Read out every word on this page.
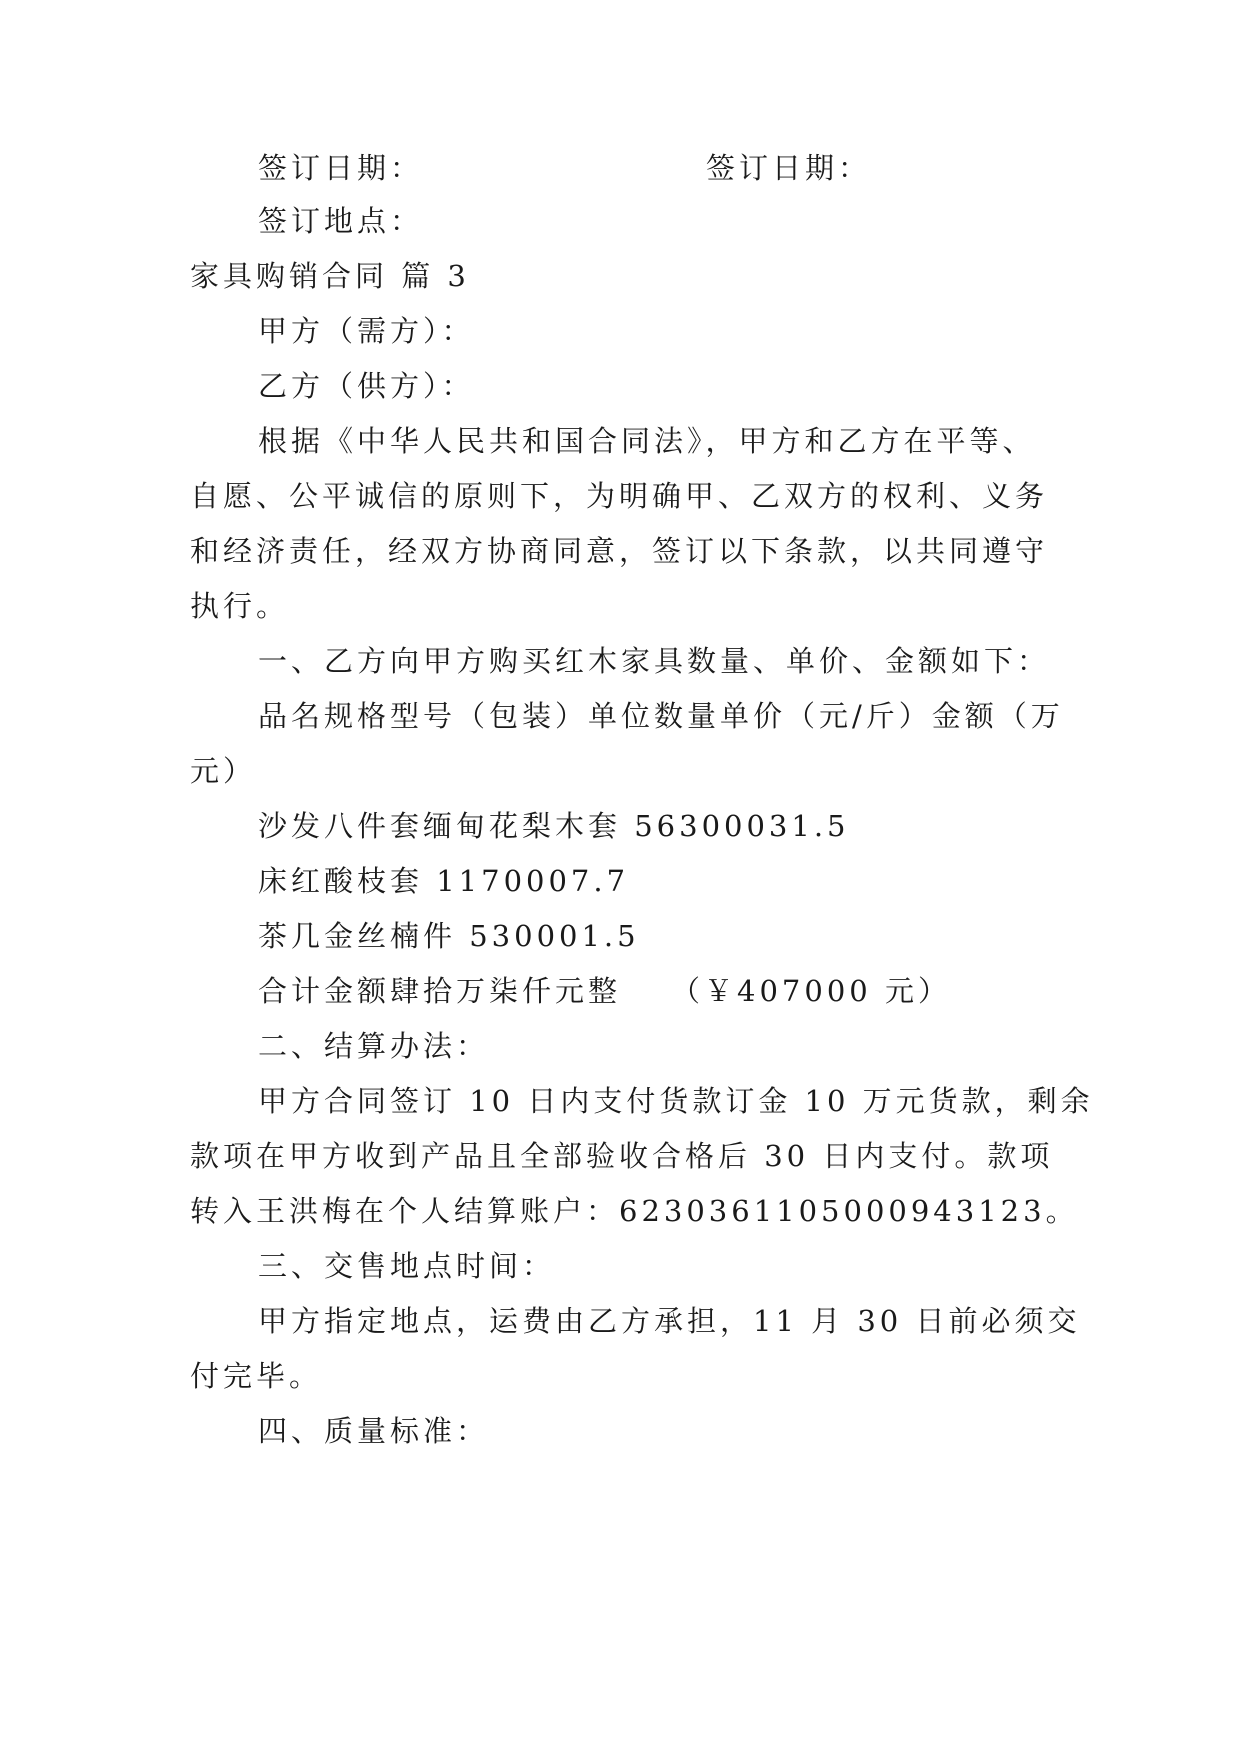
签订日期：	签订日期：
签订地点：
家具购销合同 篇 3
甲方（需方）：
乙方（供方）：
根据《中华人民共和国合同法》，甲方和乙方在平等、
自愿、公平诚信的原则下，为明确甲、乙双方的权利、义务
和经济责任，经双方协商同意，签订以下条款，以共同遵守
执行。
一、乙方向甲方购买红木家具数量、单价、金额如下：
品名规格型号（包装）单位数量单价（元/斤）金额（万
元）
沙发八件套缅甸花梨木套 56300031.5
床红酸枝套 1170007.7
茶几金丝楠件 530001.5
合计金额肆拾万柒仟元整 （￥407000 元）
二、结算办法：
甲方合同签订 10 日内支付货款订金 10 万元货款，剩余
款项在甲方收到产品且全部验收合格后 30 日内支付。款项
转入王洪梅在个人结算账户：6230361105000943123。
三、交售地点时间：
甲方指定地点，运费由乙方承担，11 月 30 日前必须交
付完毕。
四、质量标准：
